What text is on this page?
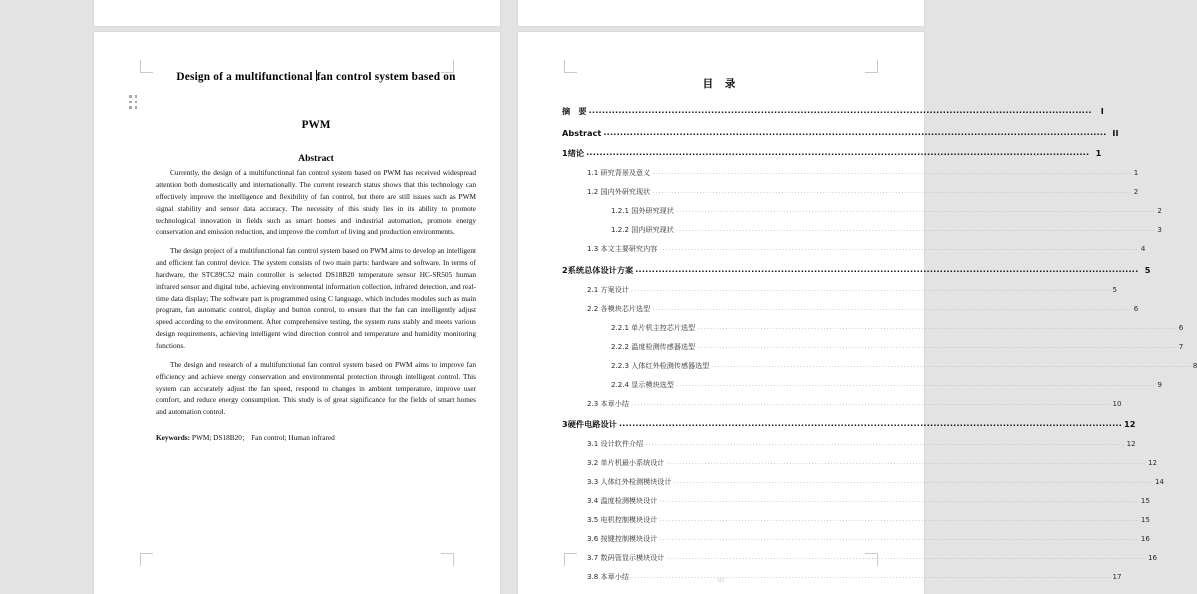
Design of a multifunctional fan control system based on
PWM
Abstract

Currently, the design of a multifunctional fan control system based on PWM has received widespread attention both domestically and internationally. The current research status shows that this technology can effectively improve the intelligence and flexibility of fan control, but there are still issues such as PWM signal stability and sensor data accuracy. The necessity of this study lies in its ability to promote technological innovation in fields such as smart homes and industrial automation, promote energy conservation and emission reduction, and improve the comfort of living and production environments.

The design project of a multifunctional fan control system based on PWM aims to develop an intelligent and efficient fan control device. The system consists of two main parts: hardware and software. In terms of hardware, the STC89C52 main controller is selected DS18B20 temperature sensor HC-SR505 human infrared sensor and digital tube, achieving environmental information collection, infrared detection, and real-time data display; The software part is programmed using C language, which includes modules such as main program, fan automatic control, display and button control, to ensure that the fan can intelligently adjust speed according to the environment. After comprehensive testing, the system runs stably and meets various design requirements, achieving intelligent wind direction control and temperature and humidity monitoring functions.

The design and research of a multifunctional fan control system based on PWM aims to improve fan efficiency and achieve energy conservation and environmental protection through intelligent control. This system can accurately adjust the fan speed, respond to changes in ambient temperature, improve user comfort, and reduce energy consumption. This study is of great significance for the fields of smart homes and automation control.

Keywords: PWM; DS18B20； Fan control; Human infrared

目 录
摘　要 .....	I
Abstract .....	II
1 绪论 .....	1
1.1 研究背景及意义 .....	1
1.2 国内外研究现状 .....	2
1.2.1 国外研究现状 .....	2
1.2.2 国内研究现状 .....	3
1.3 本文主要研究内容 .....	4
2 系统总体设计方案 .....	5
2.1 方案设计 .....	5
2.2 各模块芯片选型 .....	6
2.2.1 单片机主控芯片选型 .....	6
2.2.2 温度检测传感器选型 .....	7
2.2.3 人体红外检测传感器选型 .....	8
2.2.4 显示模块选型 .....	9
2.3 本章小结 .....	10
3 硬件电路设计 .....	12
3.1 设计软件介绍 .....	12
3.2 单片机最小系统设计 .....	12
3.3 人体红外检测模块设计 .....	14
3.4 温度检测模块设计 .....	15
3.5 电机控制模块设计 .....	15
3.6 按键控制模块设计 .....	16
3.7 数码管显示模块设计 .....	16
3.8 本章小结 .....	17
III
